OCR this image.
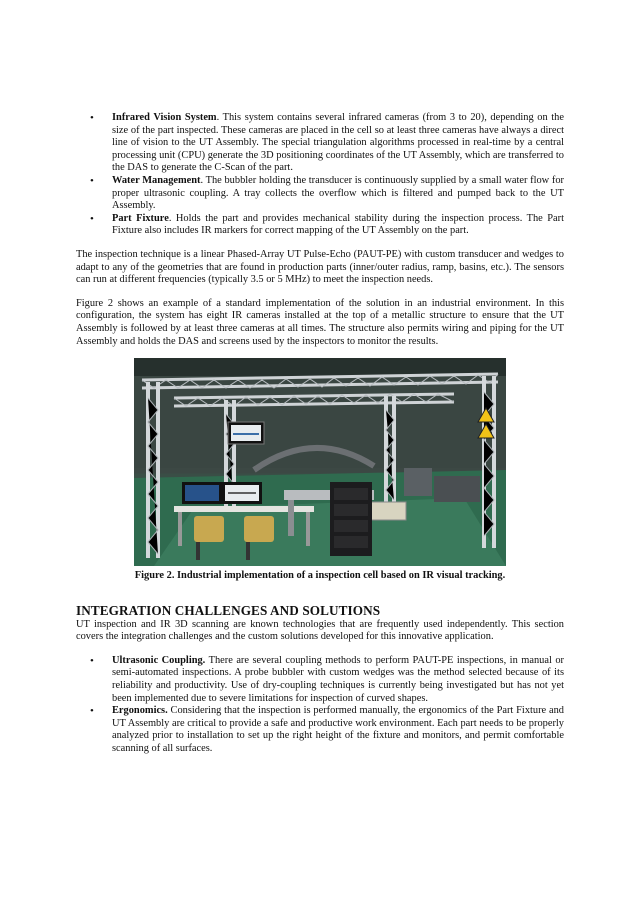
•	Infrared Vision System. This system contains several infrared cameras (from 3 to 20), depending on the size of the part inspected. These cameras are placed in the cell so at least three cameras have always a direct line of vision to the UT Assembly. The special triangulation algorithms processed in real-time by a central processing unit (CPU) generate the 3D positioning coordinates of the UT Assembly, which are transferred to the DAS to generate the C-Scan of the part.
•	Water Management. The bubbler holding the transducer is continuously supplied by a small water flow for proper ultrasonic coupling. A tray collects the overflow which is filtered and pumped back to the UT Assembly.
•	Part Fixture. Holds the part and provides mechanical stability during the inspection process. The Part Fixture also includes IR markers for correct mapping of the UT Assembly on the part.

The inspection technique is a linear Phased-Array UT Pulse-Echo (PAUT-PE) with custom transducer and wedges to adapt to any of the geometries that are found in production parts (inner/outer radius, ramp, basins, etc.). The sensors can run at different frequencies (typically 3.5 or 5 MHz) to meet the inspection needs.

Figure 2 shows an example of a standard implementation of the solution in an industrial environment. In this configuration, the system has eight IR cameras installed at the top of a metallic structure to ensure that the UT Assembly is followed by at least three cameras at all times. The structure also permits wiring and piping for the UT Assembly and holds the DAS and screens used by the inspectors to monitor the results.

Figure 2. Industrial implementation of a inspection cell based on IR visual tracking.
INTEGRATION CHALLENGES AND SOLUTIONS

UT inspection and IR 3D scanning are known technologies that are frequently used independently. This section covers the integration challenges and the custom solutions developed for this innovative application.

•	Ultrasonic Coupling. There are several coupling methods to perform PAUT-PE inspections, in manual or semi-automated inspections. A probe bubbler with custom wedges was the method selected because of its reliability and productivity. Use of dry-coupling techniques is currently being investigated but has not yet been implemented due to severe limitations for inspection of curved shapes.
•	Ergonomics. Considering that the inspection is performed manually, the ergonomics of the Part Fixture and UT Assembly are critical to provide a safe and productive work environment. Each part needs to be properly analyzed prior to installation to set up the right height of the fixture and monitors, and permit comfortable scanning of all surfaces.
